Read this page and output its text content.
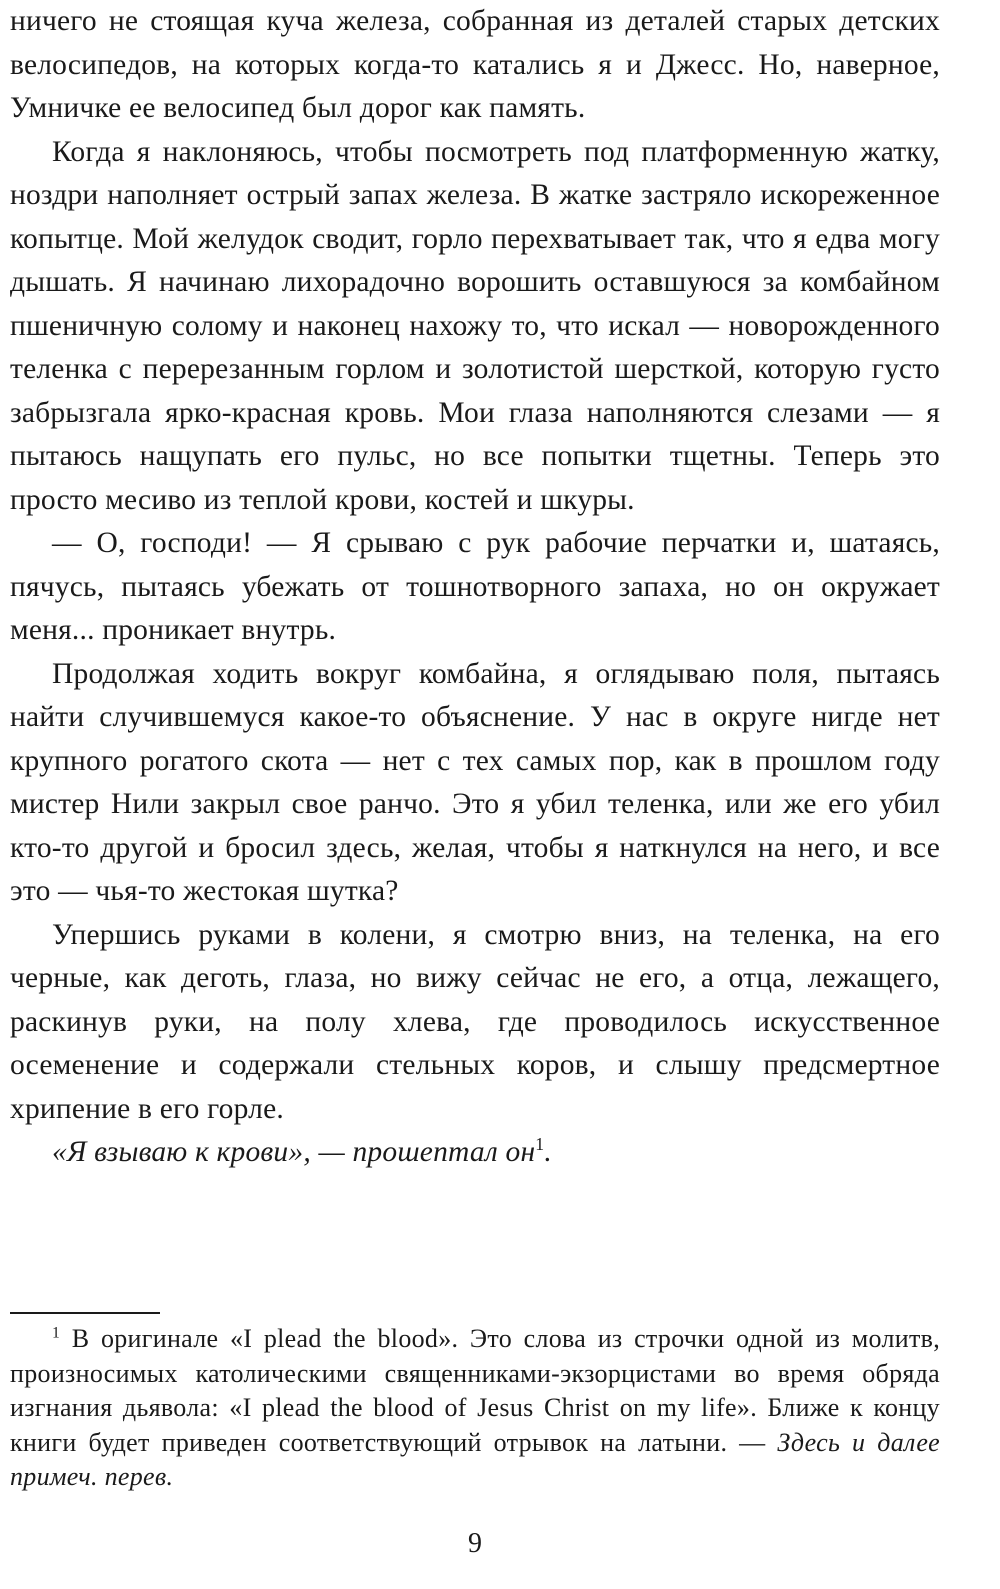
ничего не стоящая куча железа, собранная из деталей старых детских велосипедов, на которых когда-то катались я и Джесс. Но, наверное, Умничке ее велосипед был дорог как память.

Когда я наклоняюсь, чтобы посмотреть под платформенную жатку, ноздри наполняет острый запах железа. В жатке застряло искореженное копытце. Мой желудок сводит, горло перехватывает так, что я едва могу дышать. Я начинаю лихорадочно ворошить оставшуюся за комбайном пшеничную солому и наконец нахожу то, что искал — новорожденного теленка с перерезанным горлом и золотистой шерсткой, которую густо забрызгала ярко-красная кровь. Мои глаза наполняются слезами — я пытаюсь нащупать его пульс, но все попытки тщетны. Теперь это просто месиво из теплой крови, костей и шкуры.

— О, господи! — Я срываю с рук рабочие перчатки и, шатаясь, пячусь, пытаясь убежать от тошнотворного запаха, но он окружает меня... проникает внутрь.

Продолжая ходить вокруг комбайна, я оглядываю поля, пытаясь найти случившемуся какое-то объяснение. У нас в округе нигде нет крупного рогатого скота — нет с тех самых пор, как в прошлом году мистер Нили закрыл свое ранчо. Это я убил теленка, или же его убил кто-то другой и бросил здесь, желая, чтобы я наткнулся на него, и все это — чья-то жестокая шутка?

Упершись руками в колени, я смотрю вниз, на теленка, на его черные, как деготь, глаза, но вижу сейчас не его, а отца, лежащего, раскинув руки, на полу хлева, где проводилось искусственное осеменение и содержали стельных коров, и слышу предсмертное хрипение в его горле.

«Я взываю к крови», — прошептал $он^1$.

$^1$ В оригинале «I plead the blood». Это слова из строчки одной из молитв, произносимых католическими священниками-экзорцистами во время обряда изгнания дьявола: «I plead the blood of Jesus Christ on my life». Ближе к концу книги будет приведен соответствующий отрывок на латыни. — Здесь и далее примеч. перев.

9
